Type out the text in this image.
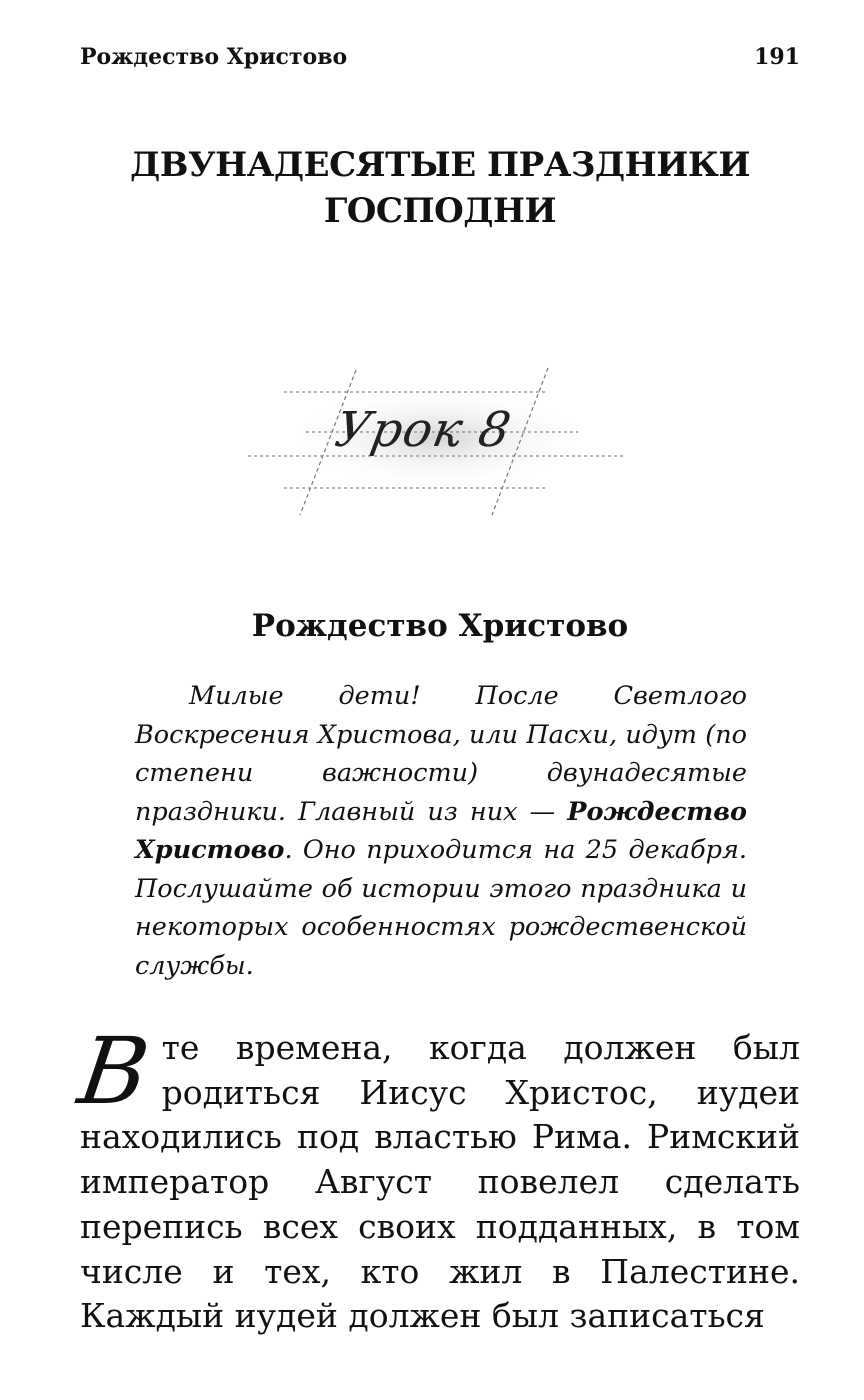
Рождество Христово	191
ДВУНАДЕСЯТЫЕ ПРАЗДНИКИ
ГОСПОДНИ
Урок 8
Рождество Христово

Милые дети! После Светлого Воскресения Христова, или Пасхи, идут (по степени важности) двунадесятые праздники. Главный из них — Рождество Христово. Оно приходится на 25 декабря. Послушайте об истории этого праздника и некоторых особенностях рождественской службы.

В те времена, когда должен был родиться Иисус Христос, иудеи находились под властью Рима. Римский император Август повелел сделать перепись всех своих подданных, в том числе и тех, кто жил в Палестине. Каждый иудей должен был записаться
